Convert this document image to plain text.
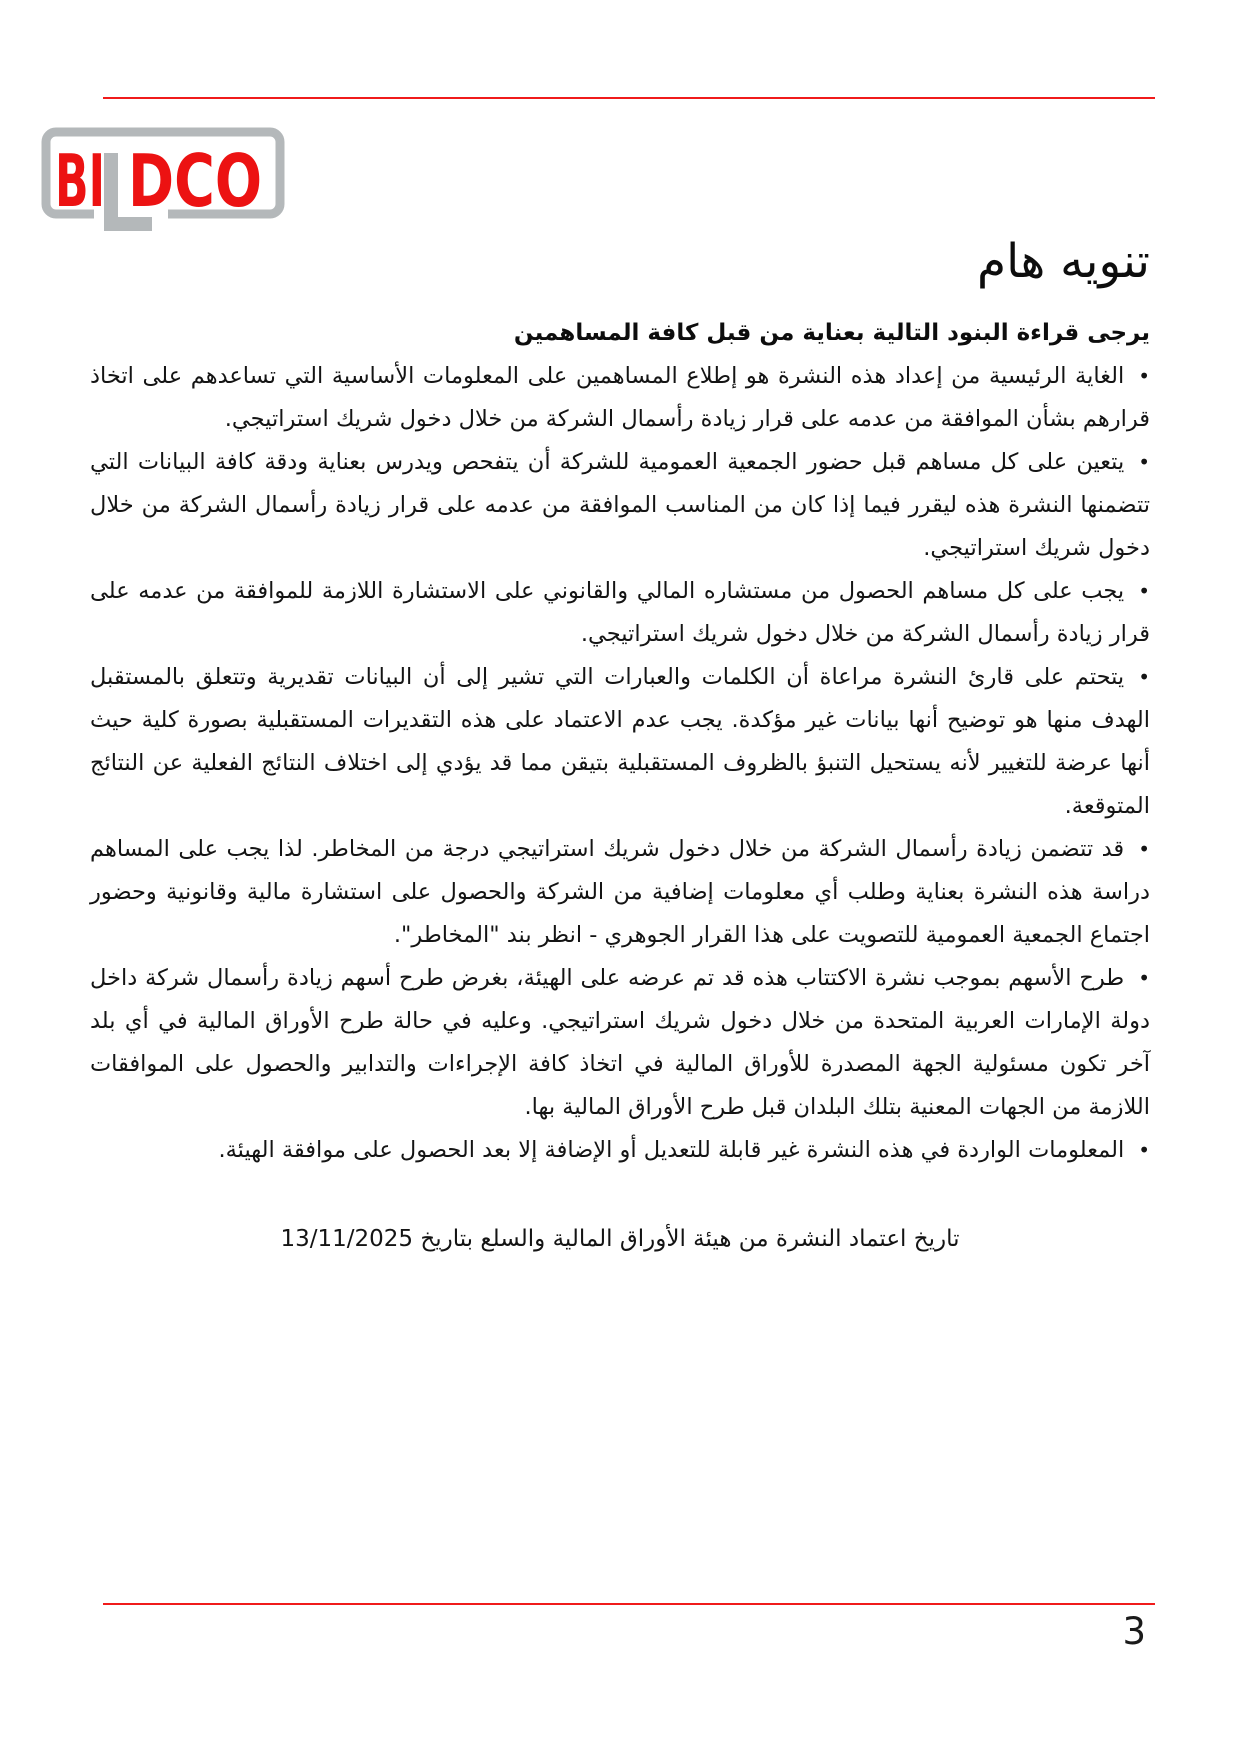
BI DCO
تنويه هام

يرجى قراءة البنود التالية بعناية من قبل كافة المساهمين

• الغاية الرئيسية من إعداد هذه النشرة هو إطلاع المساهمين على المعلومات الأساسية التي تساعدهم على اتخاذ قرارهم بشأن الموافقة من عدمه على قرار زيادة رأسمال الشركة من خلال دخول شريك استراتيجي.
• يتعين على كل مساهم قبل حضور الجمعية العمومية للشركة أن يتفحص ويدرس بعناية ودقة كافة البيانات التي تتضمنها النشرة هذه ليقرر فيما إذا كان من المناسب الموافقة من عدمه على قرار زيادة رأسمال الشركة من خلال دخول شريك استراتيجي.
• يجب على كل مساهم الحصول من مستشاره المالي والقانوني على الاستشارة اللازمة للموافقة من عدمه على قرار زيادة رأسمال الشركة من خلال دخول شريك استراتيجي.
• يتحتم على قارئ النشرة مراعاة أن الكلمات والعبارات التي تشير إلى أن البيانات تقديرية وتتعلق بالمستقبل الهدف منها هو توضيح أنها بيانات غير مؤكدة. يجب عدم الاعتماد على هذه التقديرات المستقبلية بصورة كلية حيث أنها عرضة للتغيير لأنه يستحيل التنبؤ بالظروف المستقبلية بتيقن مما قد يؤدي إلى اختلاف النتائج الفعلية عن النتائج المتوقعة.
• قد تتضمن زيادة رأسمال الشركة من خلال دخول شريك استراتيجي درجة من المخاطر. لذا يجب على المساهم دراسة هذه النشرة بعناية وطلب أي معلومات إضافية من الشركة والحصول على استشارة مالية وقانونية وحضور اجتماع الجمعية العمومية للتصويت على هذا القرار الجوهري - انظر بند "المخاطر".
• طرح الأسهم بموجب نشرة الاكتتاب هذه قد تم عرضه على الهيئة، بغرض طرح أسهم زيادة رأسمال شركة داخل دولة الإمارات العربية المتحدة من خلال دخول شريك استراتيجي. وعليه في حالة طرح الأوراق المالية في أي بلد آخر تكون مسئولية الجهة المصدرة للأوراق المالية في اتخاذ كافة الإجراءات والتدابير والحصول على الموافقات اللازمة من الجهات المعنية بتلك البلدان قبل طرح الأوراق المالية بها.
• المعلومات الواردة في هذه النشرة غير قابلة للتعديل أو الإضافة إلا بعد الحصول على موافقة الهيئة.

تاريخ اعتماد النشرة من هيئة الأوراق المالية والسلع بتاريخ 13/11/2025

3
